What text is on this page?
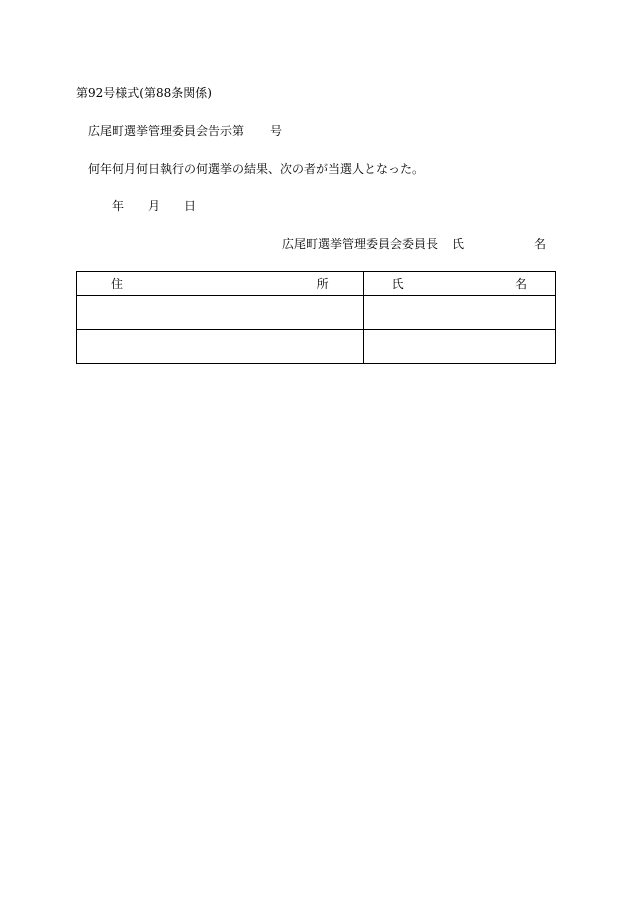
第92号様式(第88条関係)
広尾町選挙管理委員会告示第 号
何年何月何日執行の何選挙の結果、次の者が当選人となった。
年 月 日
広尾町選挙管理委員会委員長 氏	名
住 所	氏 名
